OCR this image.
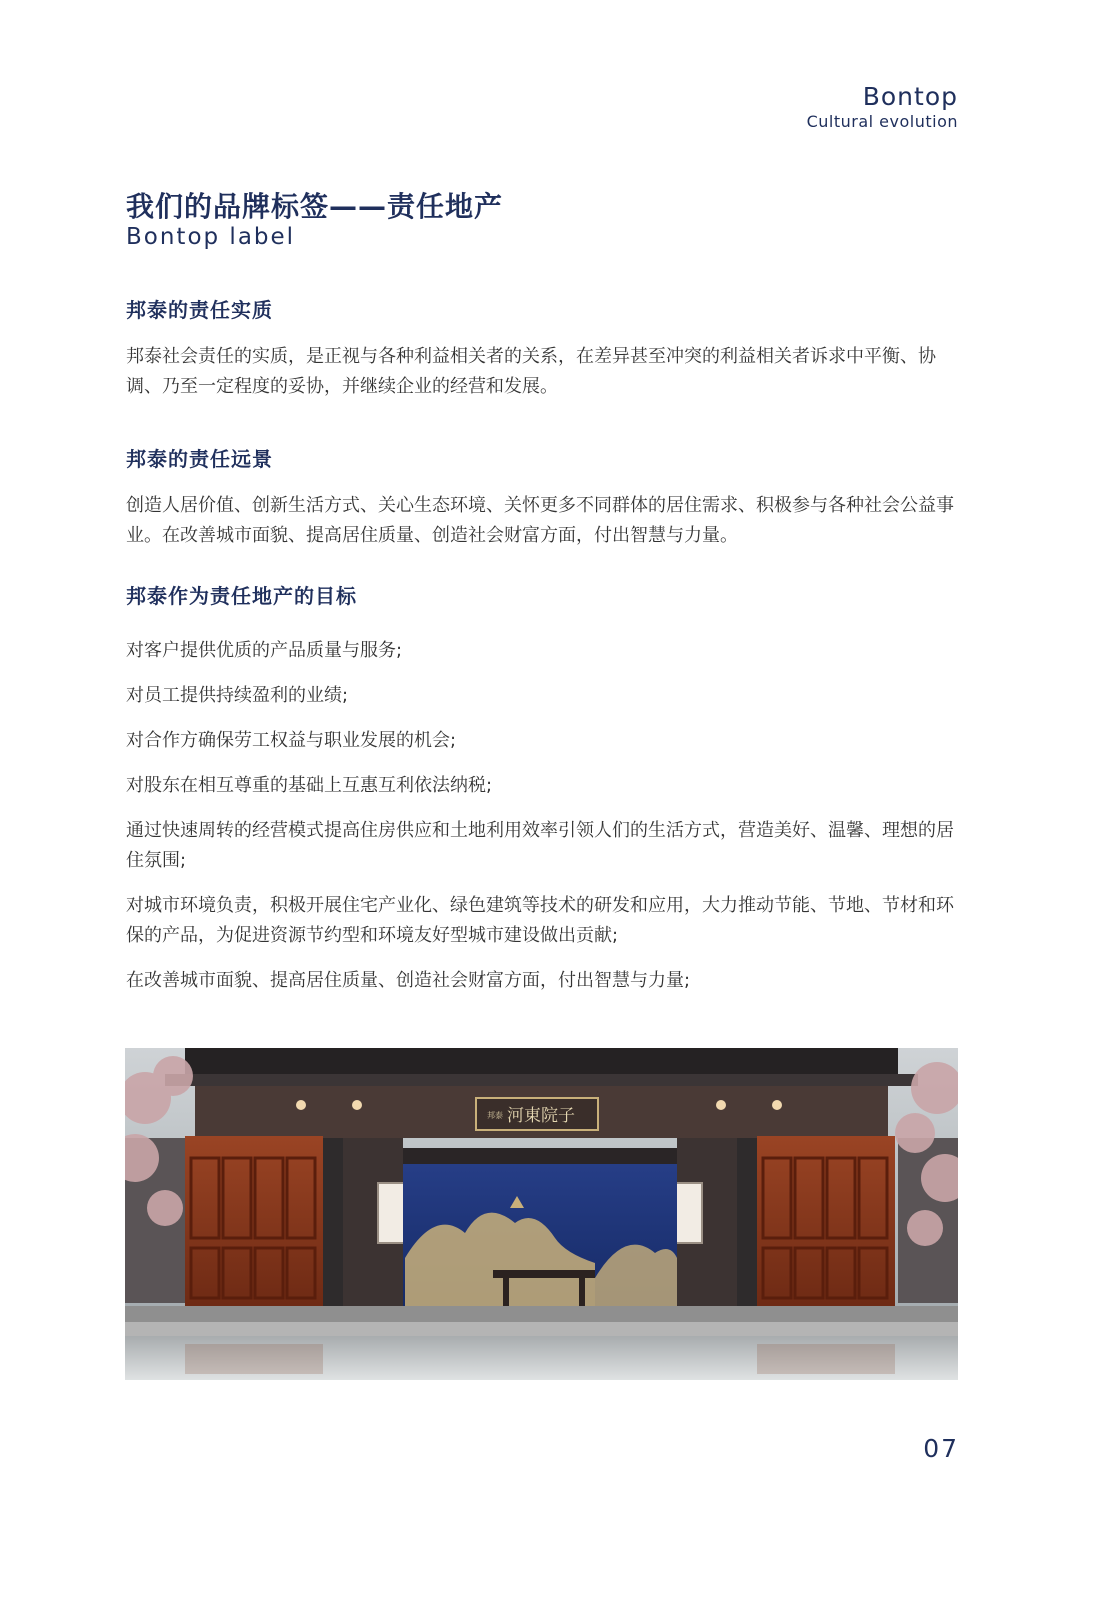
Bontop
Cultural evolution
我们的品牌标签——责任地产
Bontop label
邦泰的责任实质
邦泰社会责任的实质，是正视与各种利益相关者的关系，在差异甚至冲突的利益相关者诉求中平衡、协调、乃至一定程度的妥协，并继续企业的经营和发展。
邦泰的责任远景
创造人居价值、创新生活方式、关心生态环境、关怀更多不同群体的居住需求、积极参与各种社会公益事业。在改善城市面貌、提高居住质量、创造社会财富方面，付出智慧与力量。
邦泰作为责任地产的目标
对客户提供优质的产品质量与服务;
对员工提供持续盈利的业绩;
对合作方确保劳工权益与职业发展的机会;
对股东在相互尊重的基础上互惠互利依法纳税;
通过快速周转的经营模式提高住房供应和土地利用效率引领人们的生活方式，营造美好、温馨、理想的居住氛围;
对城市环境负责，积极开展住宅产业化、绿色建筑等技术的研发和应用，大力推动节能、节地、节材和环保的产品，为促进资源节约型和环境友好型城市建设做出贡献;
在改善城市面貌、提高居住质量、创造社会财富方面，付出智慧与力量;
邦泰 河東院子
07
